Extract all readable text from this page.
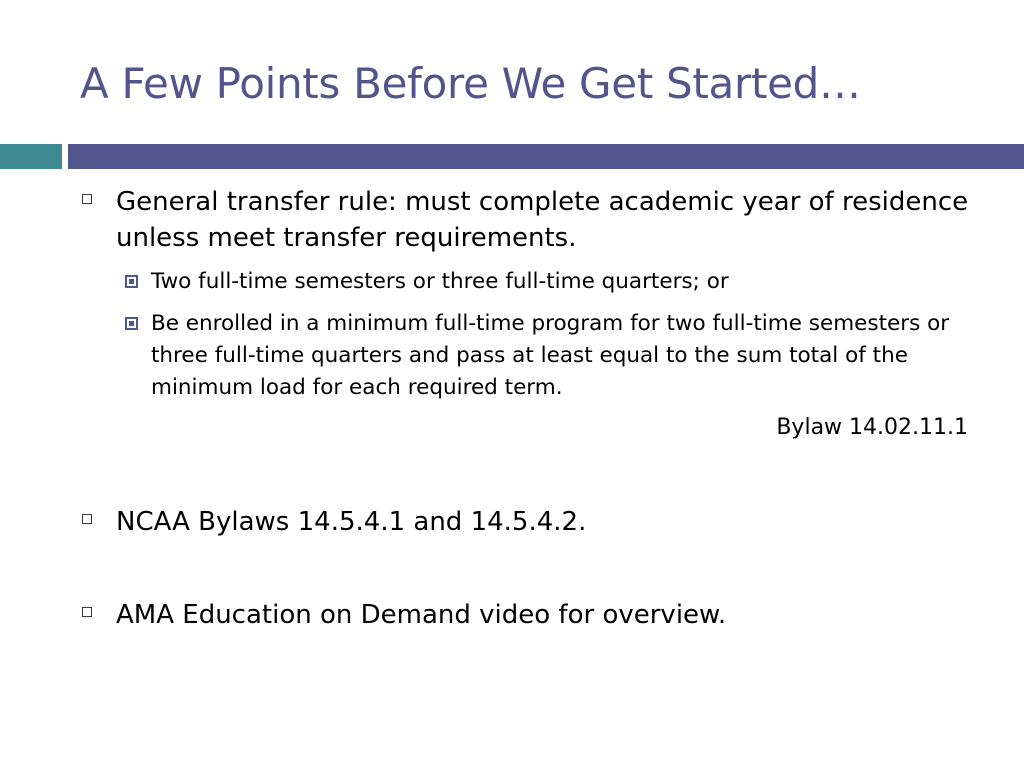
A Few Points Before We Get Started…
General transfer rule: must complete academic year of residence unless meet transfer requirements.
Two full-time semesters or three full-time quarters; or
Be enrolled in a minimum full-time program for two full-time semesters or three full-time quarters and pass at least equal to the sum total of the minimum load for each required term.
Bylaw 14.02.11.1
NCAA Bylaws 14.5.4.1 and 14.5.4.2.
AMA Education on Demand video for overview.
